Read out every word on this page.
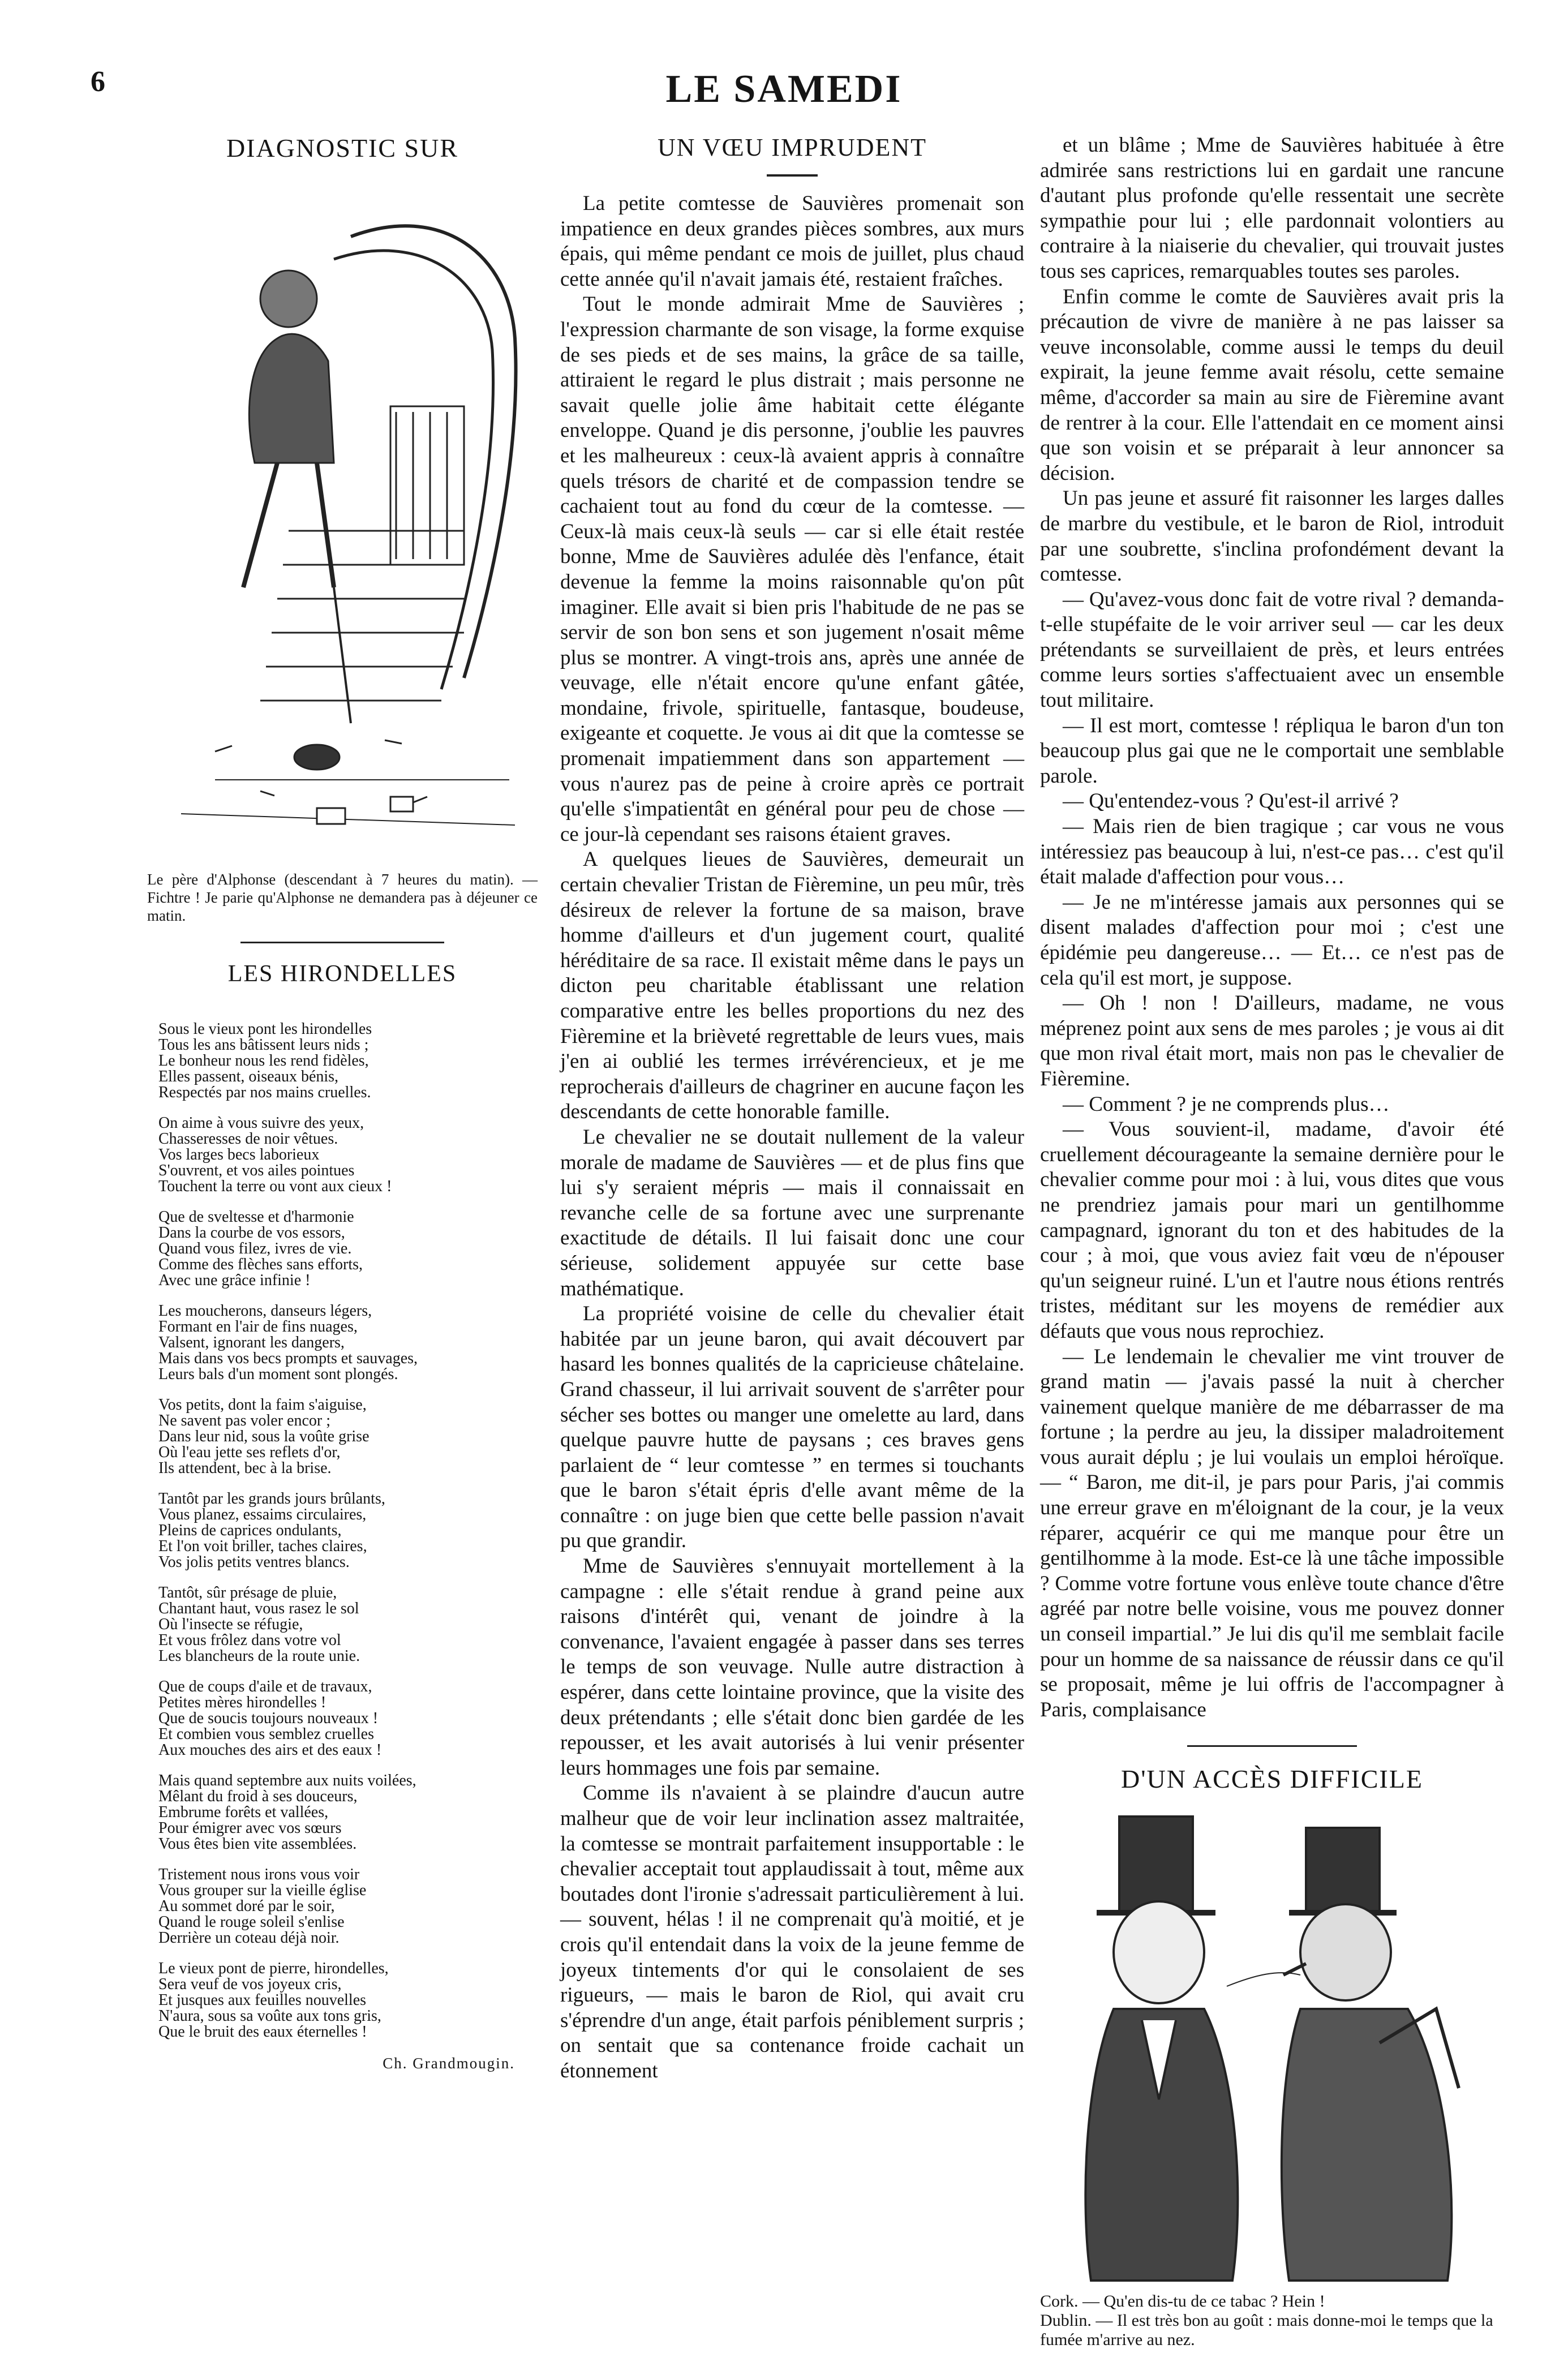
6	LE SAMEDI
DIAGNOSTIC SUR
Le père d'Alphonse (descendant à 7 heures du matin). — Fichtre ! Je parie qu'Alphonse ne demandera pas à déjeuner ce matin.
LES HIRONDELLES
Sous le vieux pont les hirondelles
Tous les ans bâtissent leurs nids ;
Le bonheur nous les rend fidèles,
Elles passent, oiseaux bénis,
Respectés par nos mains cruelles.
On aime à vous suivre des yeux,
Chasseresses de noir vêtues.
Vos larges becs laborieux
S'ouvrent, et vos ailes pointues
Touchent la terre ou vont aux cieux !
Que de sveltesse et d'harmonie
Dans la courbe de vos essors,
Quand vous filez, ivres de vie.
Comme des flèches sans efforts,
Avec une grâce infinie !
Les moucherons, danseurs légers,
Formant en l'air de fins nuages,
Valsent, ignorant les dangers,
Mais dans vos becs prompts et sauvages,
Leurs bals d'un moment sont plongés.
Vos petits, dont la faim s'aiguise,
Ne savent pas voler encor ;
Dans leur nid, sous la voûte grise
Où l'eau jette ses reflets d'or,
Ils attendent, bec à la brise.
Tantôt par les grands jours brûlants,
Vous planez, essaims circulaires,
Pleins de caprices ondulants,
Et l'on voit briller, taches claires,
Vos jolis petits ventres blancs.
Tantôt, sûr présage de pluie,
Chantant haut, vous rasez le sol
Où l'insecte se réfugie,
Et vous frôlez dans votre vol
Les blancheurs de la route unie.
Que de coups d'aile et de travaux,
Petites mères hirondelles !
Que de soucis toujours nouveaux !
Et combien vous semblez cruelles
Aux mouches des airs et des eaux !
Mais quand septembre aux nuits voilées,
Mêlant du froid à ses douceurs,
Embrume forêts et vallées,
Pour émigrer avec vos sœurs
Vous êtes bien vite assemblées.
Tristement nous irons vous voir
Vous grouper sur la vieille église
Au sommet doré par le soir,
Quand le rouge soleil s'enlise
Derrière un coteau déjà noir.
Le vieux pont de pierre, hirondelles,
Sera veuf de vos joyeux cris,
Et jusques aux feuilles nouvelles
N'aura, sous sa voûte aux tons gris,
Que le bruit des eaux éternelles !
Ch. Grandmougin.
UN VŒU IMPRUDENT

La petite comtesse de Sauvières promenait son impatience en deux grandes pièces sombres, aux murs épais, qui même pendant ce mois de juillet, plus chaud cette année qu'il n'avait jamais été, restaient fraîches.

Tout le monde admirait Mme de Sauvières ; l'expression charmante de son visage, la forme exquise de ses pieds et de ses mains, la grâce de sa taille, attiraient le regard le plus distrait ; mais personne ne savait quelle jolie âme habitait cette élégante enveloppe. Quand je dis personne, j'oublie les pauvres et les malheureux : ceux-là avaient appris à connaître quels trésors de charité et de compassion tendre se cachaient tout au fond du cœur de la comtesse. — Ceux-là mais ceux-là seuls — car si elle était restée bonne, Mme de Sauvières adulée dès l'enfance, était devenue la femme la moins raisonnable qu'on pût imaginer. Elle avait si bien pris l'habitude de ne pas se servir de son bon sens et son jugement n'osait même plus se montrer. A vingt-trois ans, après une année de veuvage, elle n'était encore qu'une enfant gâtée, mondaine, frivole, spirituelle, fantasque, boudeuse, exigeante et coquette. Je vous ai dit que la comtesse se promenait impatiemment dans son appartement — vous n'aurez pas de peine à croire après ce portrait qu'elle s'impatientât en général pour peu de chose — ce jour-là cependant ses raisons étaient graves.

A quelques lieues de Sauvières, demeurait un certain chevalier Tristan de Fièremine, un peu mûr, très désireux de relever la fortune de sa maison, brave homme d'ailleurs et d'un jugement court, qualité héréditaire de sa race. Il existait même dans le pays un dicton peu charitable établissant une relation comparative entre les belles proportions du nez des Fièremine et la brièveté regrettable de leurs vues, mais j'en ai oublié les termes irrévérencieux, et je me reprocherais d'ailleurs de chagriner en aucune façon les descendants de cette honorable famille.

Le chevalier ne se doutait nullement de la valeur morale de madame de Sauvières — et de plus fins que lui s'y seraient mépris — mais il connaissait en revanche celle de sa fortune avec une surprenante exactitude de détails. Il lui faisait donc une cour sérieuse, solidement appuyée sur cette base mathématique.

La propriété voisine de celle du chevalier était habitée par un jeune baron, qui avait découvert par hasard les bonnes qualités de la capricieuse châtelaine. Grand chasseur, il lui arrivait souvent de s'arrêter pour sécher ses bottes ou manger une omelette au lard, dans quelque pauvre hutte de paysans ; ces braves gens parlaient de “ leur comtesse ” en termes si touchants que le baron s'était épris d'elle avant même de la connaître : on juge bien que cette belle passion n'avait pu que grandir.

Mme de Sauvières s'ennuyait mortellement à la campagne : elle s'était rendue à grand peine aux raisons d'intérêt qui, venant de joindre à la convenance, l'avaient engagée à passer dans ses terres le temps de son veuvage. Nulle autre distraction à espérer, dans cette lointaine province, que la visite des deux prétendants ; elle s'était donc bien gardée de les repousser, et les avait autorisés à lui venir présenter leurs hommages une fois par semaine.

Comme ils n'avaient à se plaindre d'aucun autre malheur que de voir leur inclination assez maltraitée, la comtesse se montrait parfaitement insupportable : le chevalier acceptait tout applaudissait à tout, même aux boutades dont l'ironie s'adressait particulièrement à lui. — souvent, hélas ! il ne comprenait qu'à moitié, et je crois qu'il entendait dans la voix de la jeune femme de joyeux tintements d'or qui le consolaient de ses rigueurs, — mais le baron de Riol, qui avait cru s'éprendre d'un ange, était parfois péniblement surpris ; on sentait que sa contenance froide cachait un étonnement

et un blâme ; Mme de Sauvières habituée à être admirée sans restrictions lui en gardait une rancune d'autant plus profonde qu'elle ressentait une secrète sympathie pour lui ; elle pardonnait volontiers au contraire à la niaiserie du chevalier, qui trouvait justes tous ses caprices, remarquables toutes ses paroles.

Enfin comme le comte de Sauvières avait pris la précaution de vivre de manière à ne pas laisser sa veuve inconsolable, comme aussi le temps du deuil expirait, la jeune femme avait résolu, cette semaine même, d'accorder sa main au sire de Fièremine avant de rentrer à la cour. Elle l'attendait en ce moment ainsi que son voisin et se préparait à leur annoncer sa décision.

Un pas jeune et assuré fit raisonner les larges dalles de marbre du vestibule, et le baron de Riol, introduit par une soubrette, s'inclina profondément devant la comtesse.

— Qu'avez-vous donc fait de votre rival ? demanda-t-elle stupéfaite de le voir arriver seul — car les deux prétendants se surveillaient de près, et leurs entrées comme leurs sorties s'affectuaient avec un ensemble tout militaire.

— Il est mort, comtesse ! répliqua le baron d'un ton beaucoup plus gai que ne le comportait une semblable parole.

— Qu'entendez-vous ? Qu'est-il arrivé ?

— Mais rien de bien tragique ; car vous ne vous intéressiez pas beaucoup à lui, n'est-ce pas… c'est qu'il était malade d'affection pour vous…

— Je ne m'intéresse jamais aux personnes qui se disent malades d'affection pour moi ; c'est une épidémie peu dangereuse… — Et… ce n'est pas de cela qu'il est mort, je suppose.

— Oh ! non ! D'ailleurs, madame, ne vous méprenez point aux sens de mes paroles ; je vous ai dit que mon rival était mort, mais non pas le chevalier de Fièremine.

— Comment ? je ne comprends plus…

— Vous souvient-il, madame, d'avoir été cruellement décourageante la semaine dernière pour le chevalier comme pour moi : à lui, vous dites que vous ne prendriez jamais pour mari un gentilhomme campagnard, ignorant du ton et des habitudes de la cour ; à moi, que vous aviez fait vœu de n'épouser qu'un seigneur ruiné. L'un et l'autre nous étions rentrés tristes, méditant sur les moyens de remédier aux défauts que vous nous reprochiez.

— Le lendemain le chevalier me vint trouver de grand matin — j'avais passé la nuit à chercher vainement quelque manière de me débarrasser de ma fortune ; la perdre au jeu, la dissiper maladroitement vous aurait déplu ; je lui voulais un emploi héroïque. — “ Baron, me dit-il, je pars pour Paris, j'ai commis une erreur grave en m'éloignant de la cour, je la veux réparer, acquérir ce qui me manque pour être un gentilhomme à la mode. Est-ce là une tâche impossible ? Comme votre fortune vous enlève toute chance d'être agréé par notre belle voisine, vous me pouvez donner un conseil impartial.” Je lui dis qu'il me semblait facile pour un homme de sa naissance de réussir dans ce qu'il se proposait, même je lui offris de l'accompagner à Paris, complaisance

D'UN ACCÈS DIFFICILE
Cork. — Qu'en dis-tu de ce tabac ? Hein !
Dublin. — Il est très bon au goût : mais donne-moi le temps que la fumée m'arrive au nez.
